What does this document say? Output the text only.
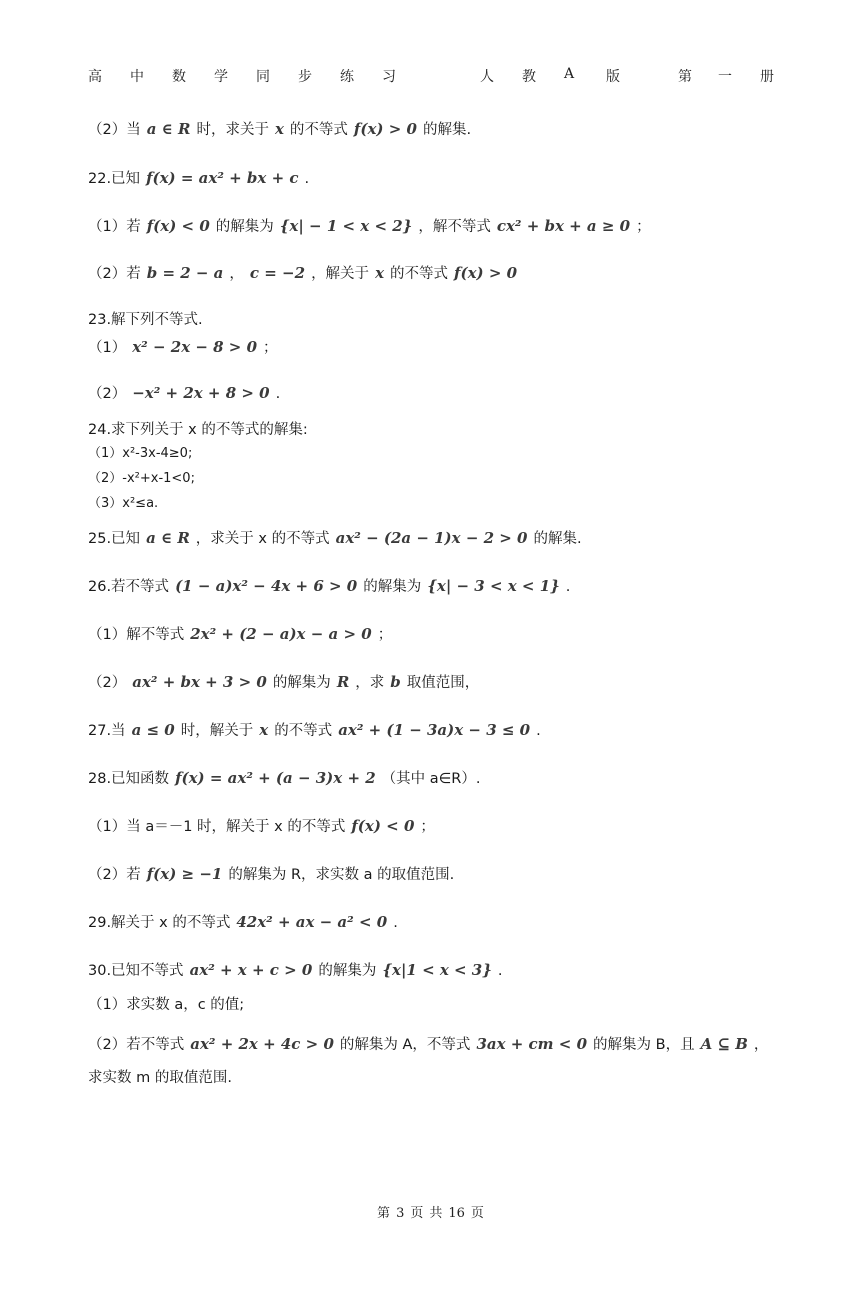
高 中 数 学 同 步 练 习	人 教 A 版	第 一 册
（2）当 a ∈ R 时，求关于 x 的不等式 f(x) > 0 的解集.
22.已知 f(x) = ax² + bx + c .
（1）若 f(x) < 0 的解集为 {x| − 1 < x < 2} ，解不等式 cx² + bx + a ≥ 0 ；
（2）若 b = 2 − a ， c = −2 ，解关于 x 的不等式 f(x) > 0
23.解下列不等式.
（1） x² − 2x − 8 > 0 ；
（2） −x² + 2x + 8 > 0 .
24.求下列关于 x 的不等式的解集:
（1）x²-3x-4≥0;
（2）-x²+x-1<0;
（3）x²≤a.
25.已知 a ∈ R ，求关于 x 的不等式 ax² − (2a − 1)x − 2 > 0 的解集.
26.若不等式 (1 − a)x² − 4x + 6 > 0 的解集为 {x| − 3 < x < 1} .
（1）解不等式 2x² + (2 − a)x − a > 0 ；
（2） ax² + bx + 3 > 0 的解集为 R ，求 b 取值范围，
27.当 a ≤ 0 时，解关于 x 的不等式 ax² + (1 − 3a)x − 3 ≤ 0 .
28.已知函数 f(x) = ax² + (a − 3)x + 2 （其中 a∈R）.
（1）当 a＝－1 时，解关于 x 的不等式 f(x) < 0 ；
（2）若 f(x) ≥ −1 的解集为 R，求实数 a 的取值范围.
29.解关于 x 的不等式 42x² + ax − a² < 0 .
30.已知不等式 ax² + x + c > 0 的解集为 {x|1 < x < 3} .
（1）求实数 a，c 的值;
（2）若不等式 ax² + 2x + 4c > 0 的解集为 A，不等式 3ax + cm < 0 的解集为 B，且 A ⊆ B ，
求实数 m 的取值范围.
第 3 页 共 16 页
